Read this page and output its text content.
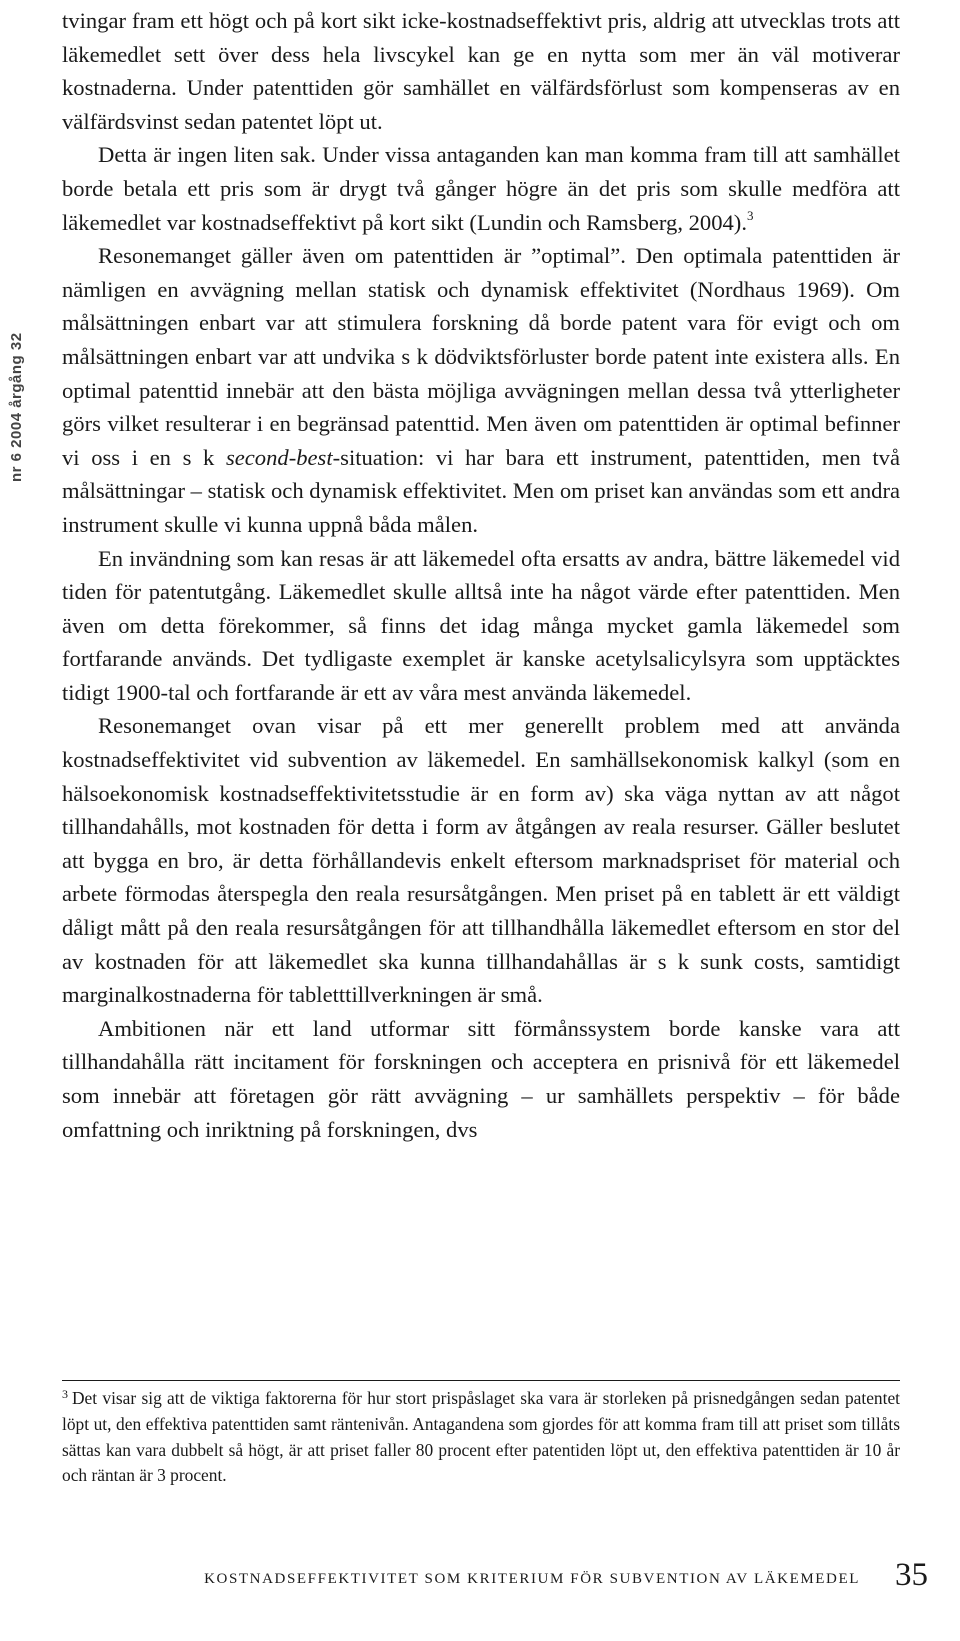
nr 6 2004 årgång 32

tvingar fram ett högt och på kort sikt icke-kostnadseffektivt pris, aldrig att utvecklas trots att läkemedlet sett över dess hela livscykel kan ge en nytta som mer än väl motiverar kostnaderna. Under patenttiden gör samhället en välfärdsförlust som kompenseras av en välfärdsvinst sedan patentet löpt ut.

Detta är ingen liten sak. Under vissa antaganden kan man komma fram till att samhället borde betala ett pris som är drygt två gånger högre än det pris som skulle medföra att läkemedlet var kostnadseffektivt på kort sikt (Lundin och Ramsberg, 2004).$^3$

Resonemanget gäller även om patenttiden är ”optimal”. Den optimala patenttiden är nämligen en avvägning mellan statisk och dynamisk effektivitet (Nordhaus 1969). Om målsättningen enbart var att stimulera forskning då borde patent vara för evigt och om målsättningen enbart var att undvika s k dödviktsförluster borde patent inte existera alls. En optimal patenttid innebär att den bästa möjliga avvägningen mellan dessa två ytterligheter görs vilket resulterar i en begränsad patenttid. Men även om patenttiden är optimal befinner vi oss i en s k second-best-situation: vi har bara ett instrument, patenttiden, men två målsättningar – statisk och dynamisk effektivitet. Men om priset kan användas som ett andra instrument skulle vi kunna uppnå båda målen.

En invändning som kan resas är att läkemedel ofta ersatts av andra, bättre läkemedel vid tiden för patentutgång. Läkemedlet skulle alltså inte ha något värde efter patenttiden. Men även om detta förekommer, så finns det idag många mycket gamla läkemedel som fortfarande används. Det tydligaste exemplet är kanske acetylsalicylsyra som upptäcktes tidigt 1900-tal och fortfarande är ett av våra mest använda läkemedel.

Resonemanget ovan visar på ett mer generellt problem med att använda kostnadseffektivitet vid subvention av läkemedel. En samhällsekonomisk kalkyl (som en hälsoekonomisk kostnadseffektivitetsstudie är en form av) ska väga nyttan av att något tillhandahålls, mot kostnaden för detta i form av åtgången av reala resurser. Gäller beslutet att bygga en bro, är detta förhållandevis enkelt eftersom marknadspriset för material och arbete förmodas återspegla den reala resursåtgången. Men priset på en tablett är ett väldigt dåligt mått på den reala resursåtgången för att tillhandhålla läkemedlet eftersom en stor del av kostnaden för att läkemedlet ska kunna tillhandahållas är s k sunk costs, samtidigt marginalkostnaderna för tabletttillverkningen är små.

Ambitionen när ett land utformar sitt förmånssystem borde kanske vara att tillhandahålla rätt incitament för forskningen och acceptera en prisnivå för ett läkemedel som innebär att företagen gör rätt avvägning – ur samhällets perspektiv – för både omfattning och inriktning på forskningen, dvs

$^3$ Det visar sig att de viktiga faktorerna för hur stort prispåslaget ska vara är storleken på prisnedgången sedan patentet löpt ut, den effektiva patenttiden samt räntenivån. Antagandena som gjordes för att komma fram till att priset som tillåts sättas kan vara dubbelt så högt, är att priset faller 80 procent efter patentiden löpt ut, den effektiva patenttiden är 10 år och räntan är 3 procent.
KOSTNADSEFFEKTIVITET SOM KRITERIUM FÖR SUBVENTION AV LÄKEMEDEL	35
